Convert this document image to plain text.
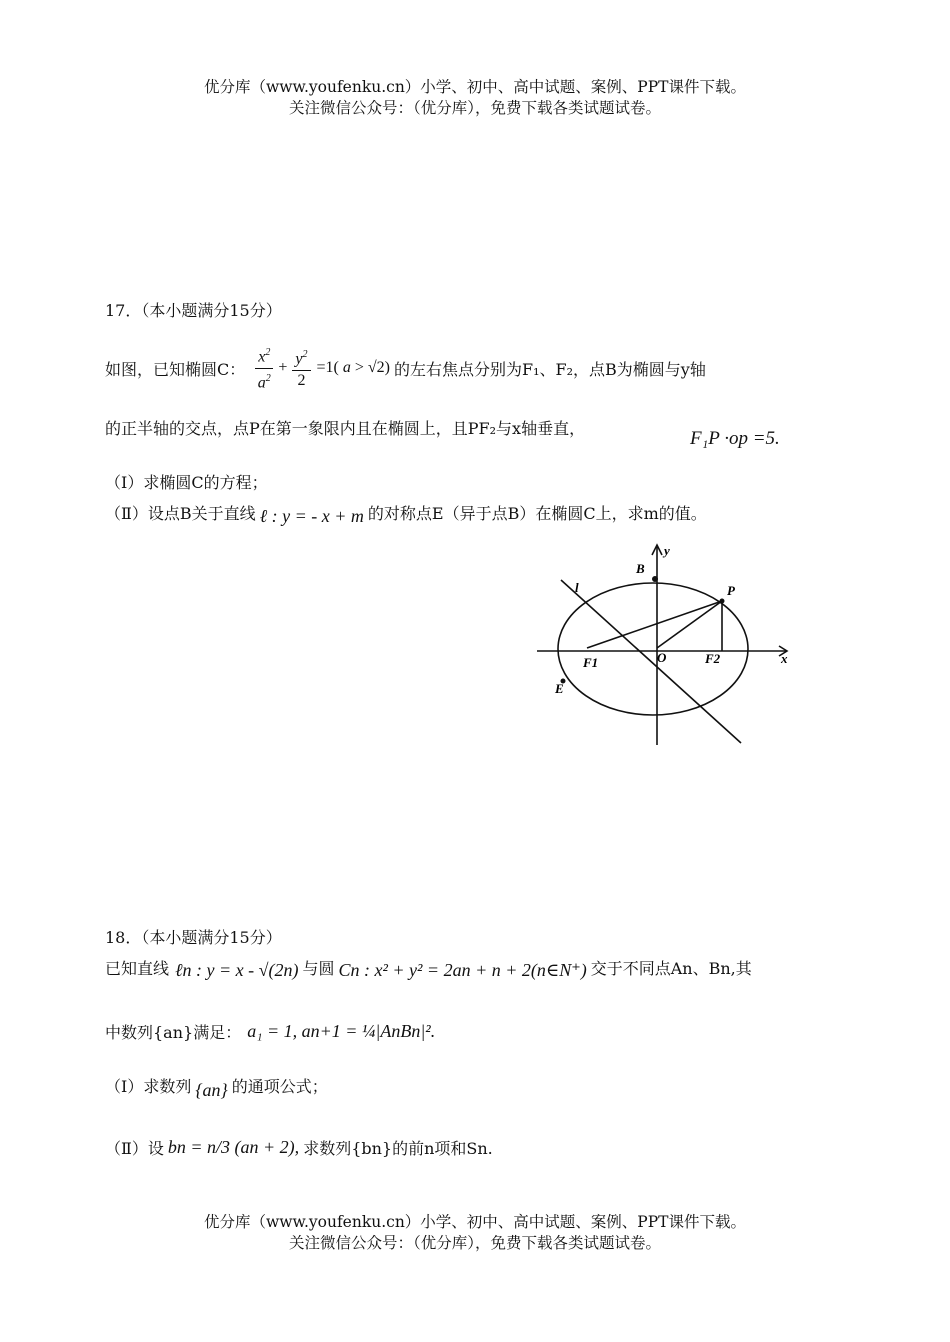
优分库（www.youfenku.cn）小学、初中、高中试题、案例、PPT课件下载。
关注微信公众号：（优分库），免费下载各类试题试卷。
17．（本小题满分15分）
如图，已知椭圆C： $\frac{x^2}{a^2} + \frac{y^2}{2} =1$( a > √2) 的左右焦点分别为F₁、F₂，点B为椭圆与y轴
的正半轴的交点，点P在第一象限内且在椭圆上，且PF₂与x轴垂直，	F₁P ·op =5.
（Ⅰ）求椭圆C的方程；
（Ⅱ）设点B关于直线 ℓ : y = - x + m 的对称点E（异于点B）在椭圆C上，求m的值。
y
x
B
P
l
O
F1	F2
E
18．（本小题满分15分）
已知直线 ℓn : y = x - √(2n) 与圆 Cn : x² + y² = 2an + n + 2(n∈N⁺) 交于不同点An、Bn,其
中数列{an}满足： a₁ = 1, an+1 = ¼|AnBn|².
（Ⅰ）求数列 {an} 的通项公式；
（Ⅱ）设 bn = n/3 (an + 2), 求数列{bn}的前n项和Sn.
优分库（www.youfenku.cn）小学、初中、高中试题、案例、PPT课件下载。
关注微信公众号：（优分库），免费下载各类试题试卷。
